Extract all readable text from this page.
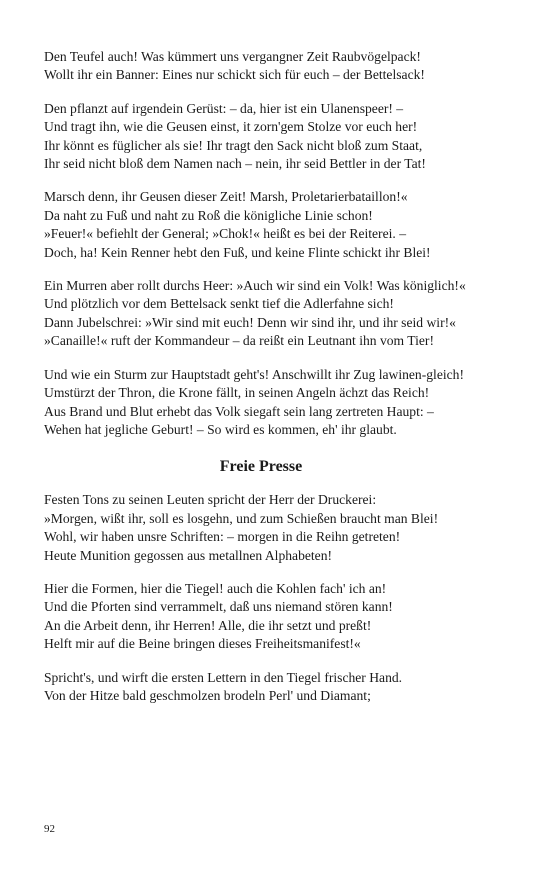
Den Teufel auch! Was kümmert uns vergangner Zeit Raubvögelpack!
Wollt ihr ein Banner: Eines nur schickt sich für euch – der Bettelsack!
Den pflanzt auf irgendein Gerüst: – da, hier ist ein Ulanenspeer! –
Und tragt ihn, wie die Geusen einst, it zorn'gem Stolze vor euch her!
Ihr könnt es füglicher als sie! Ihr tragt den Sack nicht bloß zum Staat,
Ihr seid nicht bloß dem Namen nach – nein, ihr seid Bettler in der Tat!
Marsch denn, ihr Geusen dieser Zeit! Marsh, Proletarierbataillon!«
Da naht zu Fuß und naht zu Roß die königliche Linie schon!
»Feuer!« befiehlt der General; »Chok!« heißt es bei der Reiterei. –
Doch, ha! Kein Renner hebt den Fuß, und keine Flinte schickt ihr Blei!
Ein Murren aber rollt durchs Heer: »Auch wir sind ein Volk! Was königlich!«
Und plötzlich vor dem Bettelsack senkt tief die Adlerfahne sich!
Dann Jubelschrei: »Wir sind mit euch! Denn wir sind ihr, und ihr seid wir!«
»Canaille!« ruft der Kommandeur – da reißt ein Leutnant ihn vom Tier!
Und wie ein Sturm zur Hauptstadt geht's! Anschwillt ihr Zug lawinen-gleich!
Umstürzt der Thron, die Krone fällt, in seinen Angeln ächzt das Reich!
Aus Brand und Blut erhebt das Volk siegaft sein lang zertreten Haupt: –
Wehen hat jegliche Geburt! – So wird es kommen, eh' ihr glaubt.
Freie Presse
Festen Tons zu seinen Leuten spricht der Herr der Druckerei:
»Morgen, wißt ihr, soll es losgehn, und zum Schießen braucht man Blei!
Wohl, wir haben unsre Schriften: – morgen in die Reihn getreten!
Heute Munition gegossen aus metallnen Alphabeten!
Hier die Formen, hier die Tiegel! auch die Kohlen fach' ich an!
Und die Pforten sind verrammelt, daß uns niemand stören kann!
An die Arbeit denn, ihr Herren! Alle, die ihr setzt und preßt!
Helft mir auf die Beine bringen dieses Freiheitsmanifest!«
Spricht's, und wirft die ersten Lettern in den Tiegel frischer Hand.
Von der Hitze bald geschmolzen brodeln Perl' und Diamant;
92
